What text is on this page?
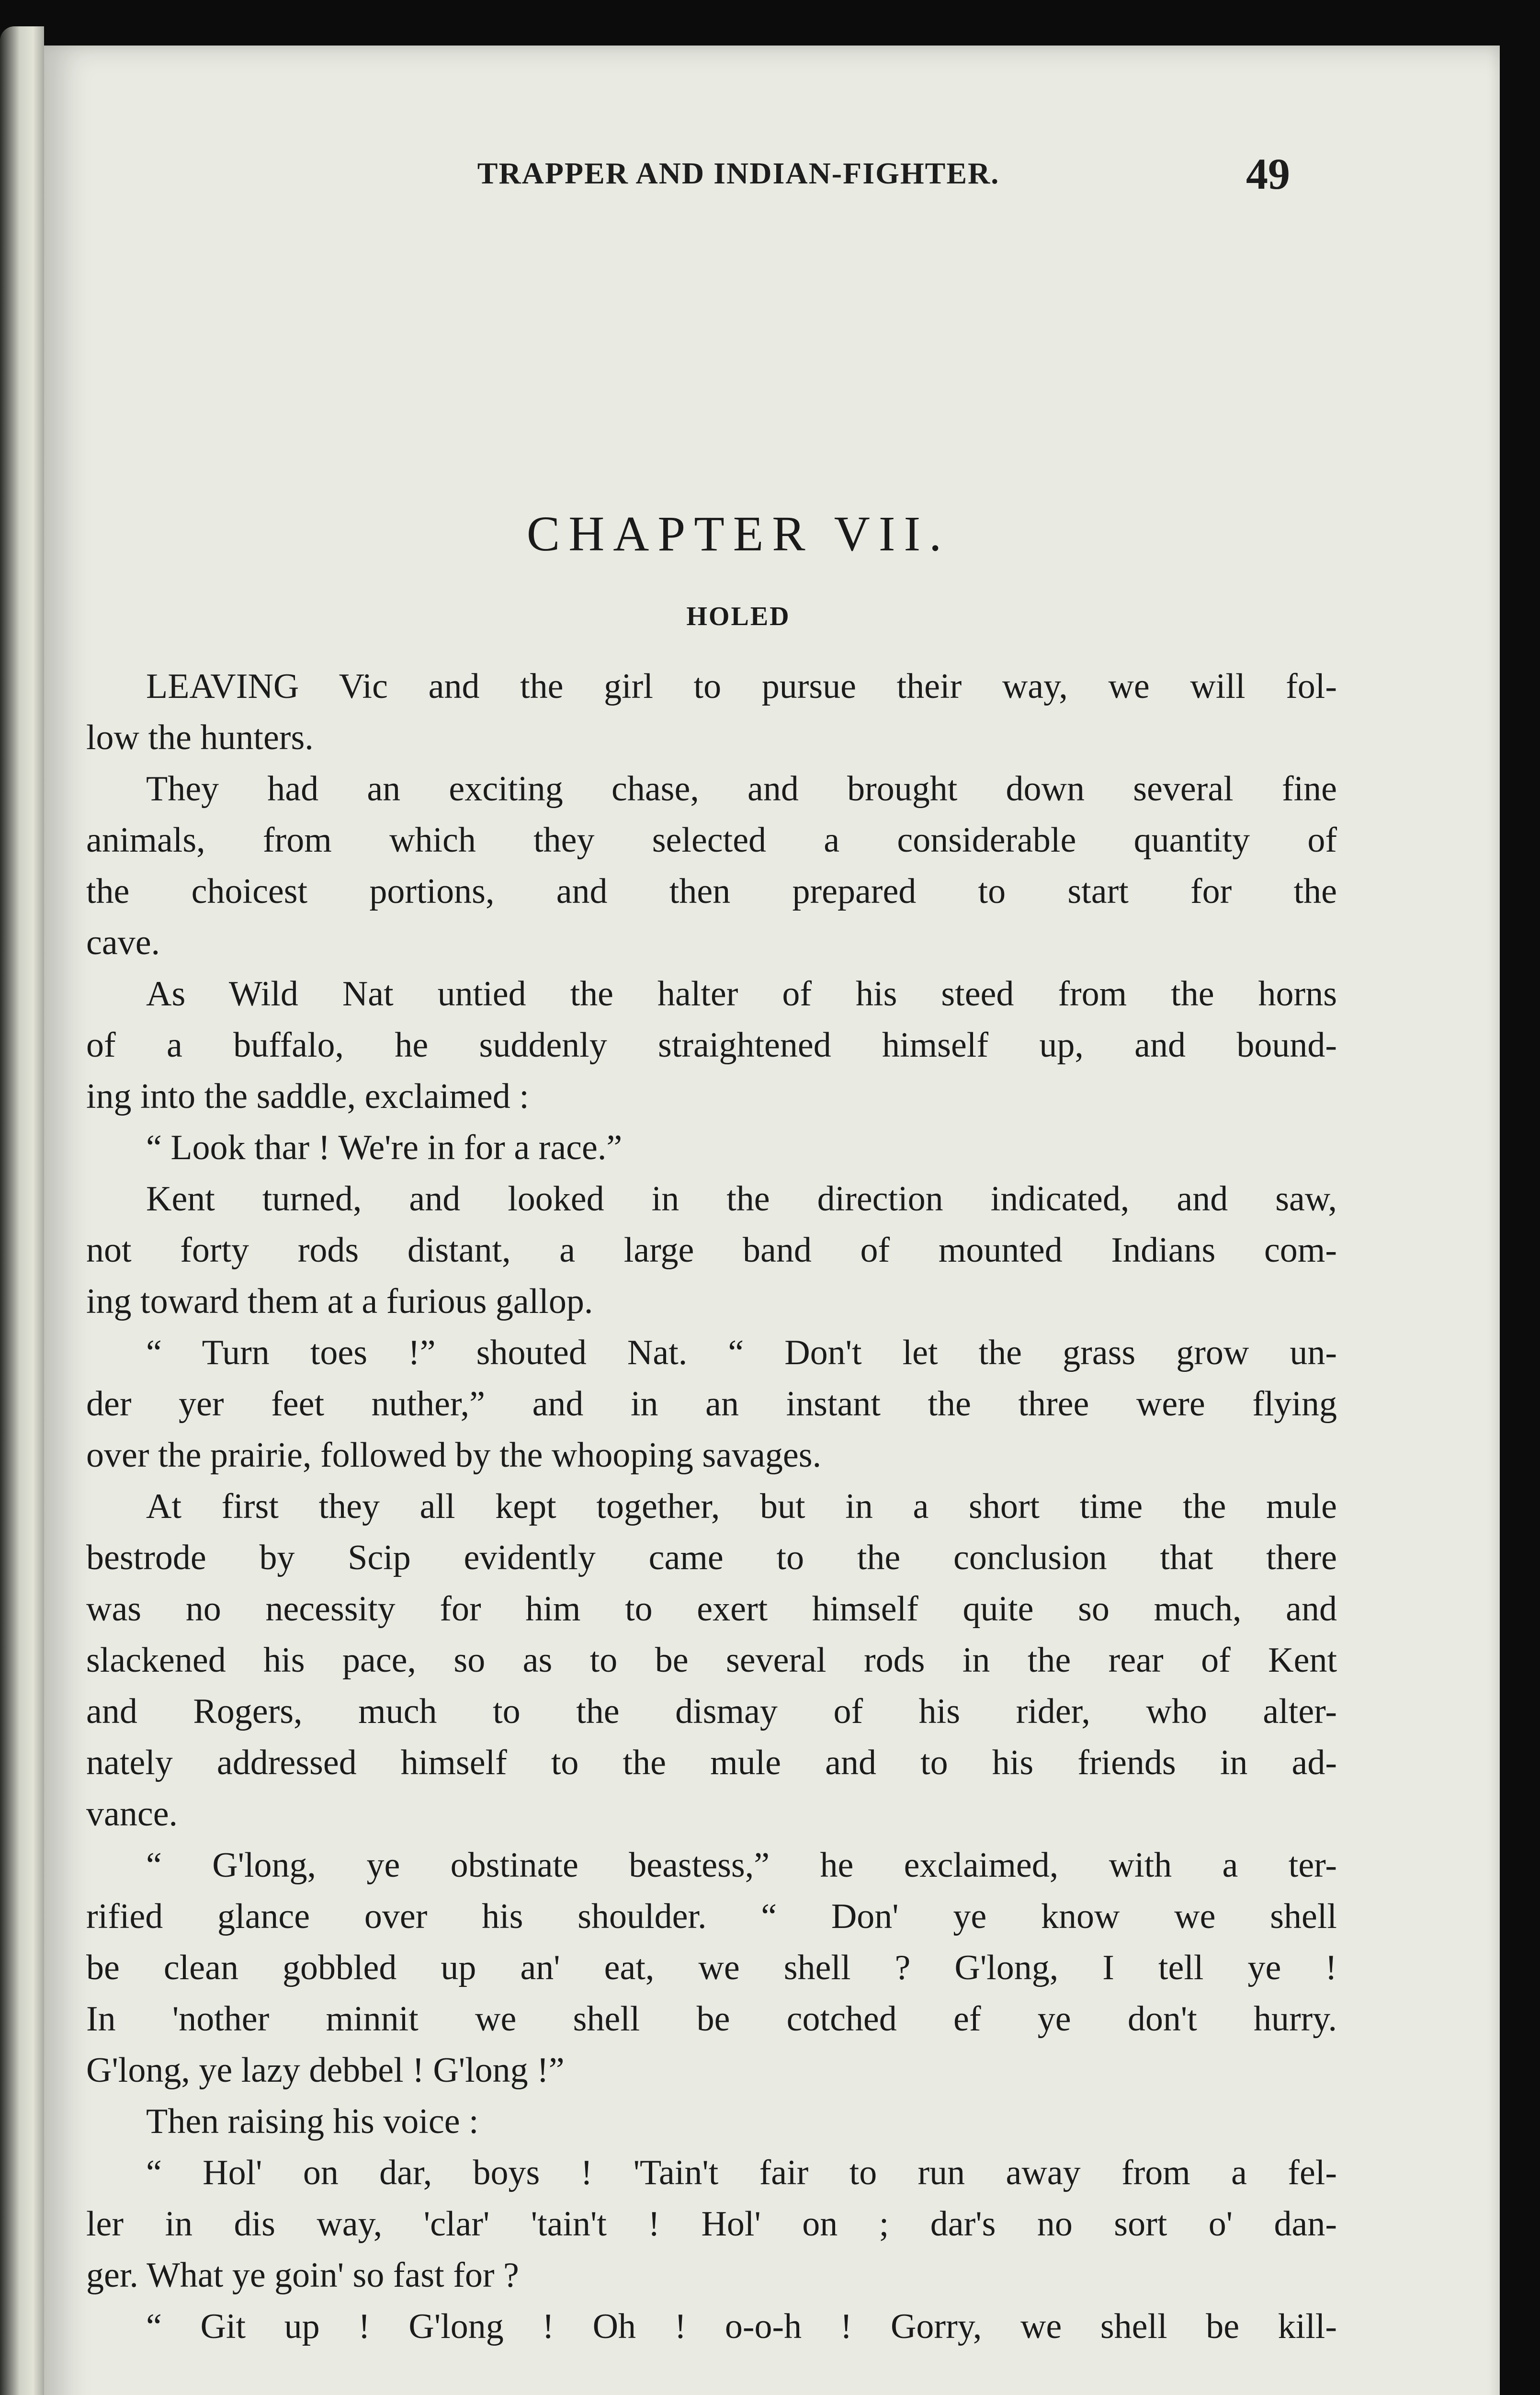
TRAPPER AND INDIAN-FIGHTER.	49
CHAPTER VII.
HOLED
LEAVING Vic and the girl to pursue their way, we will fol-
low the hunters.
They had an exciting chase, and brought down several fine
animals, from which they selected a considerable quantity of
the choicest portions, and then prepared to start for the
cave.
As Wild Nat untied the halter of his steed from the horns
of a buffalo, he suddenly straightened himself up, and bound-
ing into the saddle, exclaimed :
“ Look thar ! We're in for a race.”
Kent turned, and looked in the direction indicated, and saw,
not forty rods distant, a large band of mounted Indians com-
ing toward them at a furious gallop.
“ Turn toes !” shouted Nat. “ Don't let the grass grow un-
der yer feet nuther,” and in an instant the three were flying
over the prairie, followed by the whooping savages.
At first they all kept together, but in a short time the mule
bestrode by Scip evidently came to the conclusion that there
was no necessity for him to exert himself quite so much, and
slackened his pace, so as to be several rods in the rear of Kent
and Rogers, much to the dismay of his rider, who alter-
nately addressed himself to the mule and to his friends in ad-
vance.
“ G'long, ye obstinate beastess,” he exclaimed, with a ter-
rified glance over his shoulder. “ Don' ye know we shell
be clean gobbled up an' eat, we shell ? G'long, I tell ye !
In 'nother minnit we shell be cotched ef ye don't hurry.
G'long, ye lazy debbel ! G'long !”
Then raising his voice :
“ Hol' on dar, boys ! 'Tain't fair to run away from a fel-
ler in dis way, 'clar' 'tain't ! Hol' on ; dar's no sort o' dan-
ger. What ye goin' so fast for ?
“ Git up ! G'long ! Oh ! o-o-h ! Gorry, we shell be kill-
